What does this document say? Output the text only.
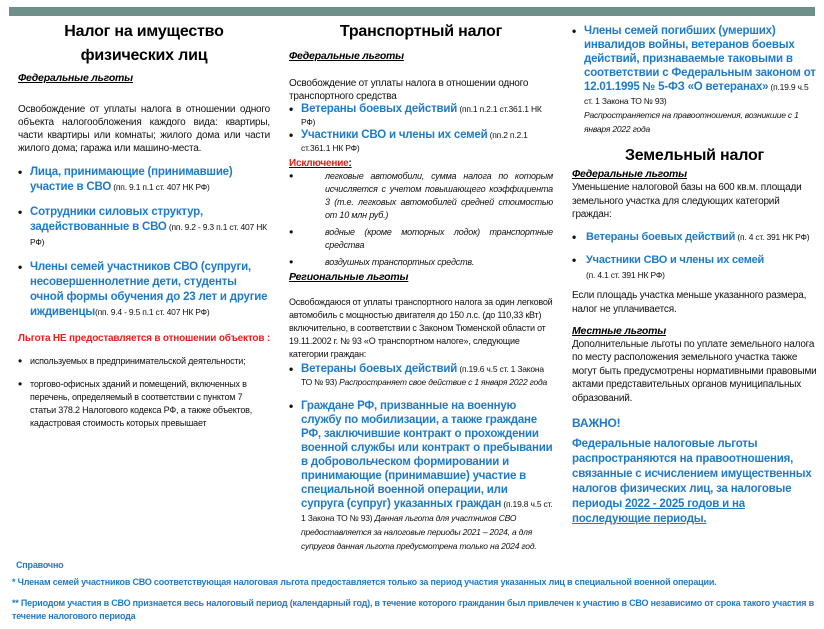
Налог на имущество
физических лиц
Федеральные льготы
Освобождение от уплаты налога в отношении одного объекта налогообложения каждого вида: квартиры, части квартиры или комнаты; жилого дома или части жилого дома; гаража или машино-места.
• Лица, принимающие (принимавшие) участие в СВО (пп. 9.1 п.1 ст. 407 НК РФ)
• Сотрудники силовых структур, задействованные в СВО (пп. 9.2 - 9.3 п.1 ст. 407 НК РФ)
• Члены семей участников СВО (супруги, несовершеннолетние дети, студенты очной формы обучения до 23 лет и другие иждивенцы(пп. 9.4 - 9.5 п.1 ст. 407 НК РФ)
Льгота НЕ предоставляется в отношении объектов :
• используемых в предпринимательской деятельности;
• торгово-офисных зданий и помещений, включенных в перечень, определяемый в соответствии с пунктом 7 статьи 378.2 Налогового кодекса РФ, а также объектов, кадастровая стоимость которых превышает
Транспортный налог
Федеральные льготы
Освобождение от уплаты налога в отношении одного транспортного средства
• Ветераны боевых действий (пп.1 п.2.1 ст.361.1 НК РФ)
• Участники СВО и члены их семей (пп.2 п.2.1 ст.361.1 НК РФ)
Исключение:
• легковые автомобили, сумма налога по которым исчисляется с учетом повышающего коэффициента 3 (т.е. легковых автомобилей средней стоимостью от 10 млн руб.)
• водные (кроме моторных лодок) транспортные средства
• воздушных транспортных средств.
Региональные льготы
Освобождаюся от уплаты транспортного налога за один легковой автомобиль с мощностью двигателя до 150 л.с. (до 110,33 кВт) включительно, в соответствии с Законом Тюменской области от 19.11.2002 г. № 93 «О транспортном налоге», следующие категории граждан:
• Ветераны боевых действий (п.19.6 ч.5 ст. 1 Закона ТО № 93) Распространяет свое действие с 1 января 2022 года
• Граждане РФ, призванные на военную службу по мобилизации, а также граждане РФ, заключившие контракт о прохождении военной службы или контракт о пребывании в добровольческом формировании и принимающие (принимавшие) участие в специальной военной операции, или супруга (супруг) указанных граждан (п.19.8 ч.5 ст. 1 Закона ТО № 93) Данная льгота для участников СВО предоставляется за налоговые периоды 2021 – 2024, а для супругов данная льгота предусмотрена только на 2024 год.
• Члены семей погибших (умерших) инвалидов войны, ветеранов боевых действий, признаваемые таковыми в соответствии с Федеральным законом от 12.01.1995 № 5-ФЗ «О ветеранах» (п.19.9 ч.5 ст. 1 Закона ТО № 93)
Распространяется на правоотношения, возникшие с 1 января 2022 года
Земельный налог
Федеральные льготы
Уменьшение налоговой базы на 600 кв.м. площади земельного участка для следующих категорий граждан:
• Ветераны боевых действий (п. 4 ст. 391 НК РФ)
• Участники СВО и члены их семей
(п. 4.1 ст. 391 НК РФ)
Если площадь участка меньше указанного размера, налог не уплачивается.
Местные льготы
Дополнительные льготы по уплате земельного налога по месту расположения земельного участка также могут быть предусмотрены нормативными правовыми актами представительных органов муниципальных образований.
ВАЖНО!
Федеральные налоговые льготы распространяются на правоотношения, связанные с исчислением имущественных налогов физических лиц, за налоговые периоды 2022 - 2025 годов и на последующие периоды.
Справочно
* Членам семей участников СВО соответствующая налоговая льгота предоставляется только за период участия указанных лиц в специальной военной операции.
** Периодом участия в СВО признается весь налоговый период (календарный год), в течение которого гражданин был привлечен к участию в СВО независимо от срока такого участия в течение налогового периода
